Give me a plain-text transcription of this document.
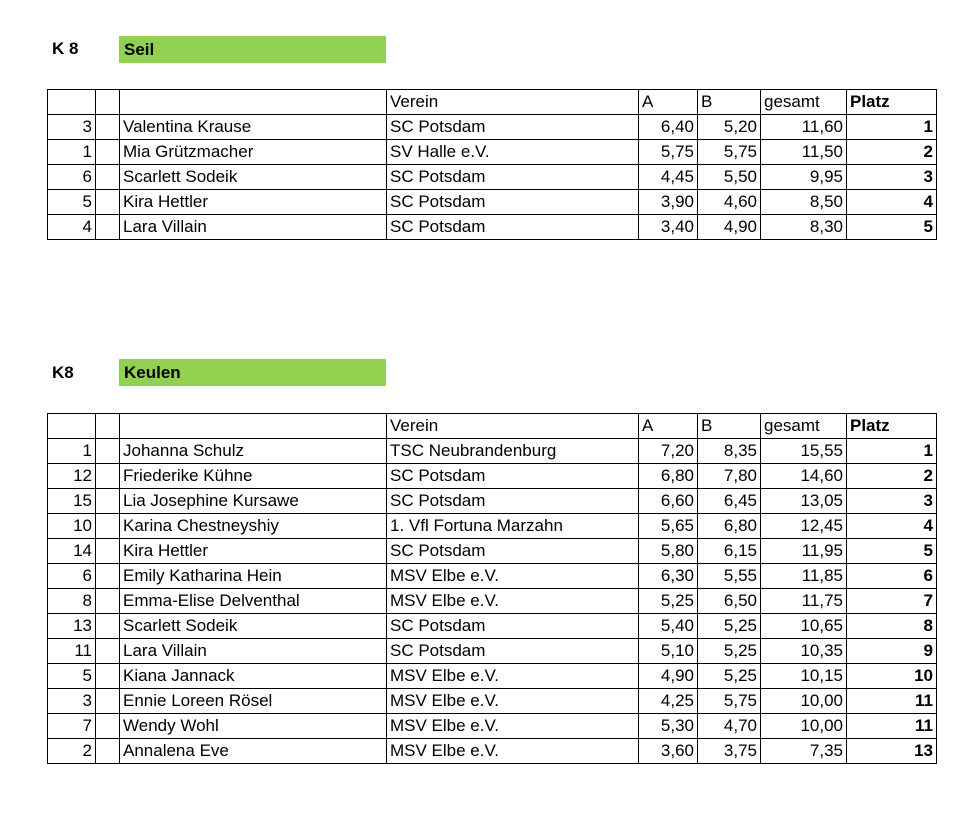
K 8	Seil
			Verein	A	B	gesamt	Platz
3		Valentina Krause	SC Potsdam	6,40	5,20	11,60	1
1		Mia Grützmacher	SV Halle e.V.	5,75	5,75	11,50	2
6		Scarlett Sodeik	SC Potsdam	4,45	5,50	9,95	3
5		Kira Hettler	SC Potsdam	3,90	4,60	8,50	4
4		Lara Villain	SC Potsdam	3,40	4,90	8,30	5
K8	Keulen
			Verein	A	B	gesamt	Platz
1		Johanna Schulz	TSC Neubrandenburg	7,20	8,35	15,55	1
12		Friederike Kühne	SC Potsdam	6,80	7,80	14,60	2
15		Lia Josephine Kursawe	SC Potsdam	6,60	6,45	13,05	3
10		Karina Chestneyshiy	1. Vfl Fortuna Marzahn	5,65	6,80	12,45	4
14		Kira Hettler	SC Potsdam	5,80	6,15	11,95	5
6		Emily Katharina Hein	MSV Elbe e.V.	6,30	5,55	11,85	6
8		Emma-Elise Delventhal	MSV Elbe e.V.	5,25	6,50	11,75	7
13		Scarlett Sodeik	SC Potsdam	5,40	5,25	10,65	8
11		Lara Villain	SC Potsdam	5,10	5,25	10,35	9
5		Kiana Jannack	MSV Elbe e.V.	4,90	5,25	10,15	10
3		Ennie Loreen Rösel	MSV Elbe e.V.	4,25	5,75	10,00	11
7		Wendy Wohl	MSV Elbe e.V.	5,30	4,70	10,00	11
2		Annalena Eve	MSV Elbe e.V.	3,60	3,75	7,35	13
